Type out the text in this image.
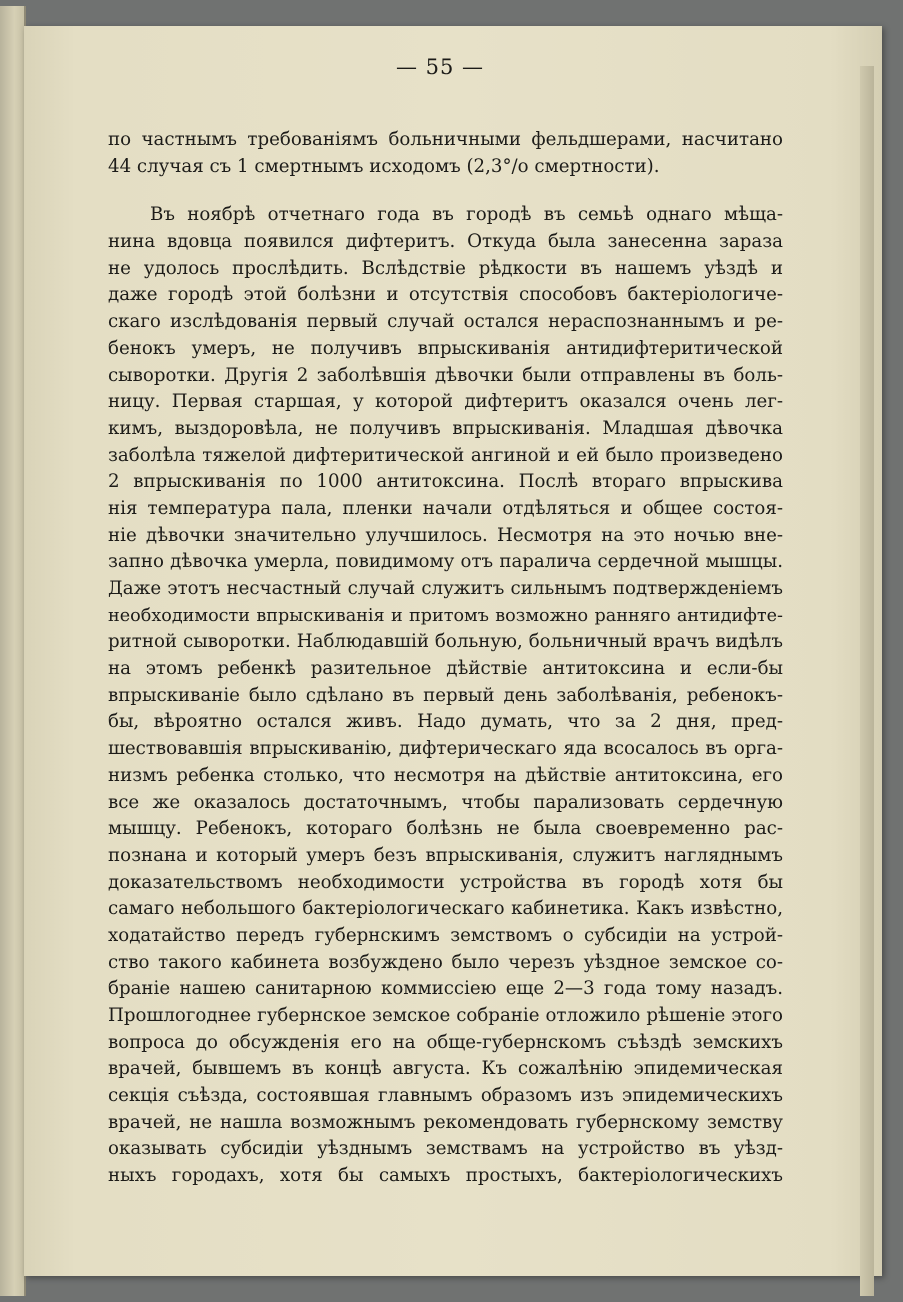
— 55 —
по частнымъ требованіямъ больничными фельдшерами, насчитано
44 случая съ 1 смертнымъ исходомъ (2,3°/o смертности).
Въ ноябрѣ отчетнаго года въ городѣ въ семьѣ однаго мѣща-
нина вдовца появился дифтеритъ. Откуда была занесенна зараза
не удолось прослѣдить. Вслѣдствіе рѣдкости въ нашемъ уѣздѣ и
даже городѣ этой болѣзни и отсутствія способовъ бактеріологиче-
скаго изслѣдованія первый случай остался нераспознаннымъ и ре-
бенокъ умеръ, не получивъ впрыскиванія антидифтеритической
сыворотки. Другія 2 заболѣвшія дѣвочки были отправлены въ боль-
ницу. Первая старшая, у которой дифтеритъ оказался очень лег-
кимъ, выздоровѣла, не получивъ впрыскиванія. Младшая дѣвочка
заболѣла тяжелой дифтеритической ангиной и ей было произведено
2 впрыскиванія по 1000 антитоксина. Послѣ втораго впрыскива
нія температура пала, пленки начали отдѣляться и общее состоя-
ніе дѣвочки значительно улучшилось. Несмотря на это ночью вне-
запно дѣвочка умерла, повидимому отъ паралича сердечной мышцы.
Даже этотъ несчастный случай служитъ сильнымъ подтвержденіемъ
необходимости впрыскиванія и притомъ возможно ранняго антидифте-
ритной сыворотки. Наблюдавшій больную, больничный врачъ видѣлъ
на этомъ ребенкѣ разительное дѣйствіе антитоксина и если-бы
впрыскиваніе было сдѣлано въ первый день заболѣванія, ребенокъ-
бы, вѣроятно остался живъ. Надо думать, что за 2 дня, пред-
шествовавшія впрыскиванію, дифтерическаго яда всосалось въ орга-
низмъ ребенка столько, что несмотря на дѣйствіе антитоксина, его
все же оказалось достаточнымъ, чтобы парализовать сердечную
мышцу. Ребенокъ, котораго болѣзнь не была своевременно рас-
познана и который умеръ безъ впрыскиванія, служитъ нагляднымъ
доказательствомъ необходимости устройства въ городѣ хотя бы
самаго небольшого бактеріологическаго кабинетика. Какъ извѣстно,
ходатайство передъ губернскимъ земствомъ о субсидіи на устрой-
ство такого кабинета возбуждено было черезъ уѣздное земское со-
браніе нашею санитарною коммиссіею еще 2—3 года тому назадъ.
Прошлогоднее губернское земское собраніе отложило рѣшеніе этого
вопроса до обсужденія его на обще-губернскомъ съѣздѣ земскихъ
врачей, бывшемъ въ концѣ августа. Къ сожалѣнію эпидемическая
секція съѣзда, состоявшая главнымъ образомъ изъ эпидемическихъ
врачей, не нашла возможнымъ рекомендовать губернскому земству
оказывать субсидіи уѣзднымъ земствамъ на устройство въ уѣзд-
ныхъ городахъ, хотя бы самыхъ простыхъ, бактеріологическихъ
